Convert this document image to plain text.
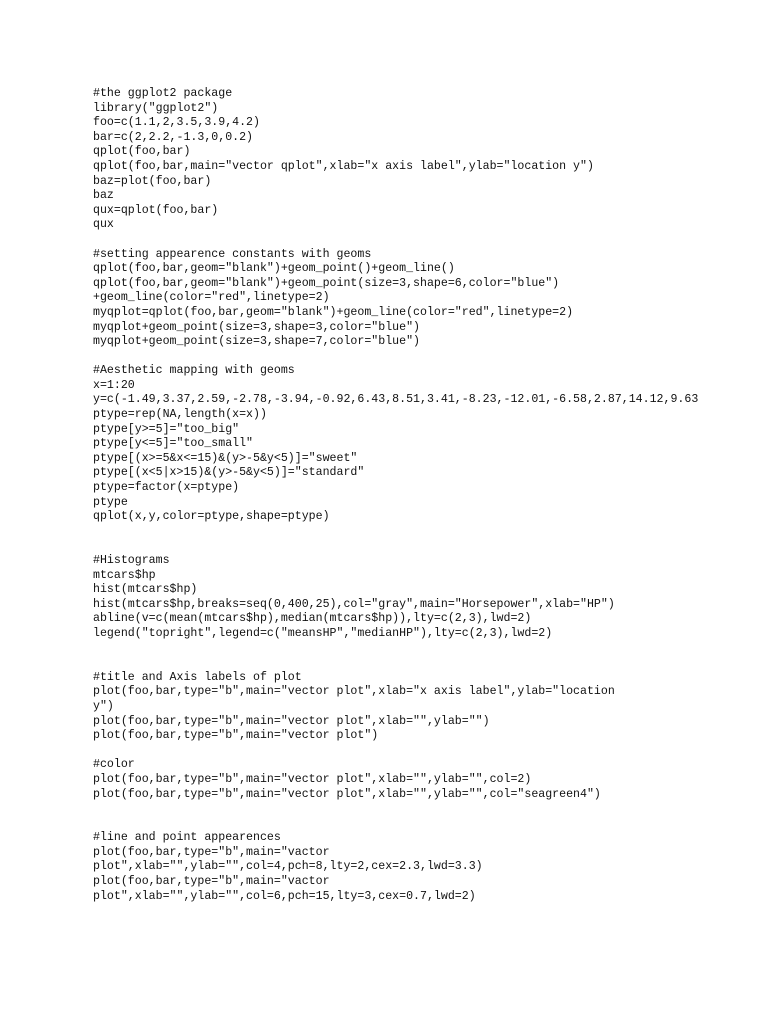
#the ggplot2 package
library("ggplot2")
foo=c(1.1,2,3.5,3.9,4.2)
bar=c(2,2.2,-1.3,0,0.2)
qplot(foo,bar)
qplot(foo,bar,main="vector qplot",xlab="x axis label",ylab="location y")
baz=plot(foo,bar)
baz
qux=qplot(foo,bar)
qux
#setting appearence constants with geoms
qplot(foo,bar,geom="blank")+geom_point()+geom_line()
qplot(foo,bar,geom="blank")+geom_point(size=3,shape=6,color="blue")
+geom_line(color="red",linetype=2)
myqplot=qplot(foo,bar,geom="blank")+geom_line(color="red",linetype=2)
myqplot+geom_point(size=3,shape=3,color="blue")
myqplot+geom_point(size=3,shape=7,color="blue")
#Aesthetic mapping with geoms
x=1:20
y=c(-1.49,3.37,2.59,-2.78,-3.94,-0.92,6.43,8.51,3.41,-8.23,-12.01,-6.58,2.87,14.12,9.63
ptype=rep(NA,length(x=x))
ptype[y>=5]="too_big"
ptype[y<=5]="too_small"
ptype[(x>=5&x<=15)&(y>-5&y<5)]="sweet"
ptype[(x<5|x>15)&(y>-5&y<5)]="standard"
ptype=factor(x=ptype)
ptype
qplot(x,y,color=ptype,shape=ptype)
#Histograms
mtcars$hp
hist(mtcars$hp)
hist(mtcars$hp,breaks=seq(0,400,25),col="gray",main="Horsepower",xlab="HP")
abline(v=c(mean(mtcars$hp),median(mtcars$hp)),lty=c(2,3),lwd=2)
legend("topright",legend=c("meansHP","medianHP"),lty=c(2,3),lwd=2)
#title and Axis labels of plot
plot(foo,bar,type="b",main="vector plot",xlab="x axis label",ylab="location
y")
plot(foo,bar,type="b",main="vector plot",xlab="",ylab="")
plot(foo,bar,type="b",main="vector plot")
#color
plot(foo,bar,type="b",main="vector plot",xlab="",ylab="",col=2)
plot(foo,bar,type="b",main="vector plot",xlab="",ylab="",col="seagreen4")
#line and point appearences
plot(foo,bar,type="b",main="vactor
plot",xlab="",ylab="",col=4,pch=8,lty=2,cex=2.3,lwd=3.3)
plot(foo,bar,type="b",main="vactor
plot",xlab="",ylab="",col=6,pch=15,lty=3,cex=0.7,lwd=2)
